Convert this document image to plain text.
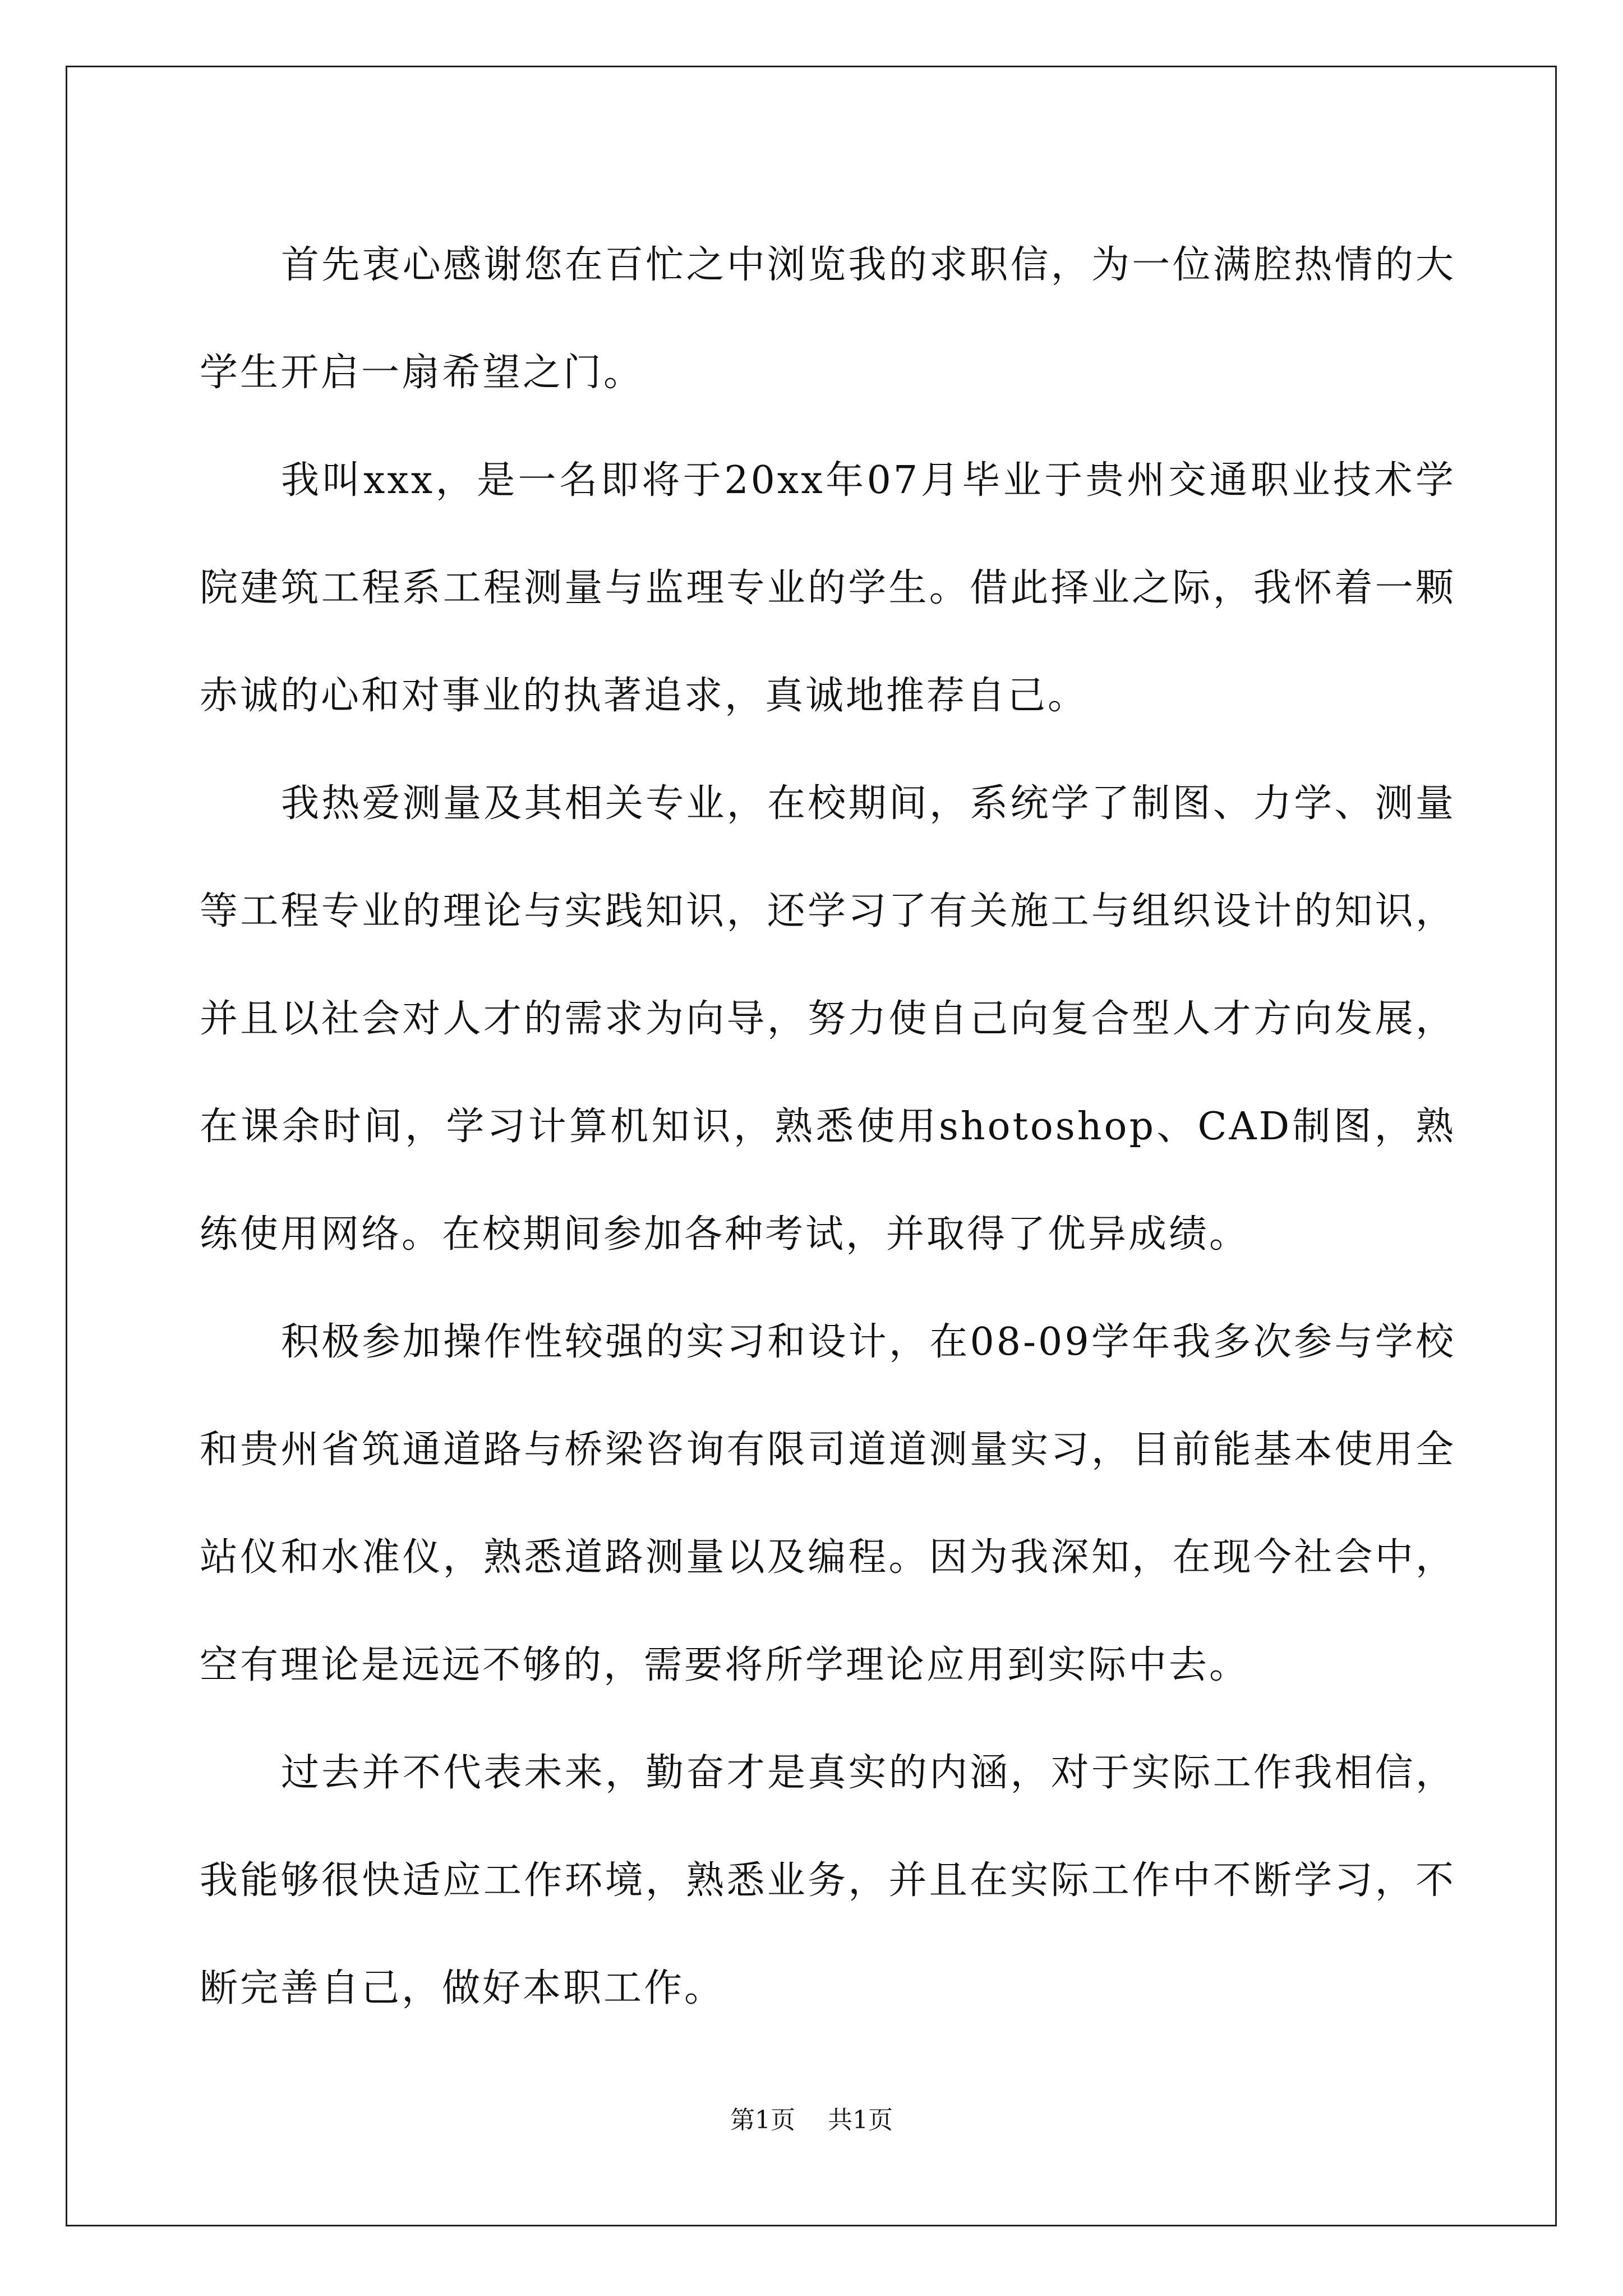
首先衷心感谢您在百忙之中浏览我的求职信，为一位满腔热情的大学生开启一扇希望之门。

我叫xxx，是一名即将于20xx年07月毕业于贵州交通职业技术学院建筑工程系工程测量与监理专业的学生。借此择业之际，我怀着一颗赤诚的心和对事业的执著追求，真诚地推荐自己。

我热爱测量及其相关专业，在校期间，系统学了制图、力学、测量等工程专业的理论与实践知识，还学习了有关施工与组织设计的知识，并且以社会对人才的需求为向导，努力使自己向复合型人才方向发展，在课余时间，学习计算机知识，熟悉使用shotoshop、CAD制图，熟练使用网络。在校期间参加各种考试，并取得了优异成绩。

积极参加操作性较强的实习和设计，在08-09学年我多次参与学校和贵州省筑通道路与桥梁咨询有限司道道测量实习，目前能基本使用全站仪和水准仪，熟悉道路测量以及编程。因为我深知，在现今社会中，空有理论是远远不够的，需要将所学理论应用到实际中去。

过去并不代表未来，勤奋才是真实的内涵，对于实际工作我相信，我能够很快适应工作环境，熟悉业务，并且在实际工作中不断学习，不断完善自己，做好本职工作。

第1页 共1页
